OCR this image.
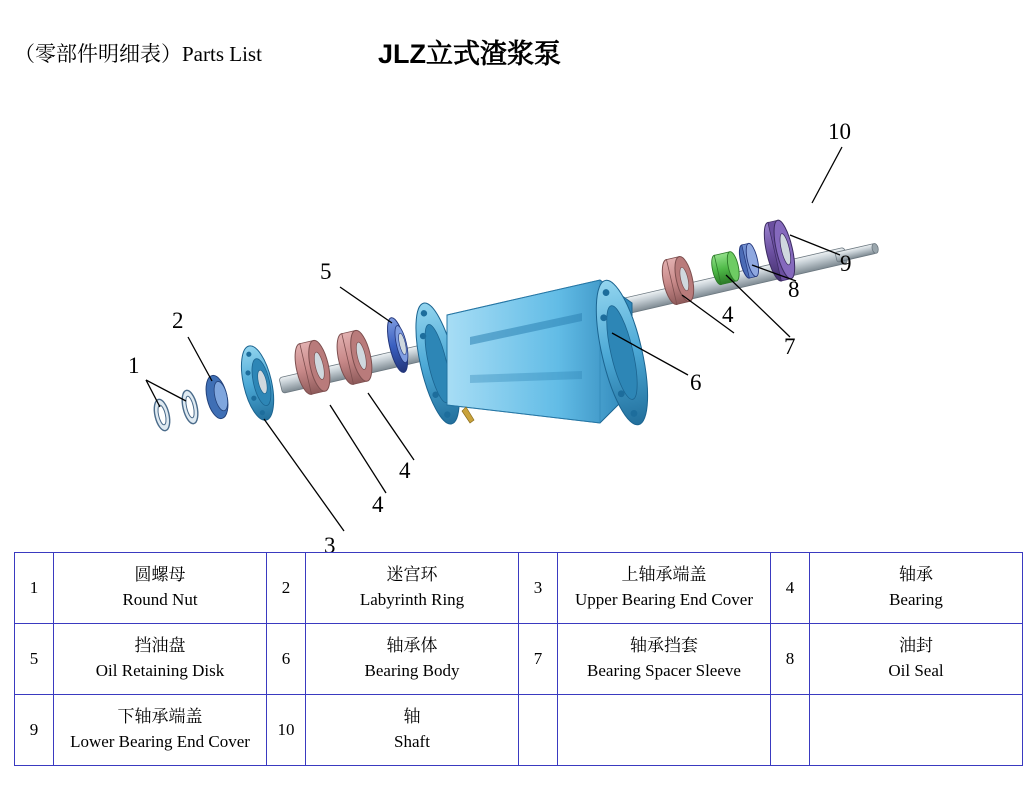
（零部件明细表）Parts List	JLZ立式渣浆泵
1
2
3
4
4
5
6
7
4
8
9
10
1	圆螺母
Round Nut	2	迷宫环
Labyrinth Ring	3	上轴承端盖
Upper Bearing End Cover	4	轴承
Bearing

5	挡油盘
Oil Retaining Disk	6	轴承体
Bearing Body	7	轴承挡套
Bearing Spacer Sleeve	8	油封
Oil Seal

9	下轴承端盖
Lower Bearing End Cover	10	轴
Shaft				
